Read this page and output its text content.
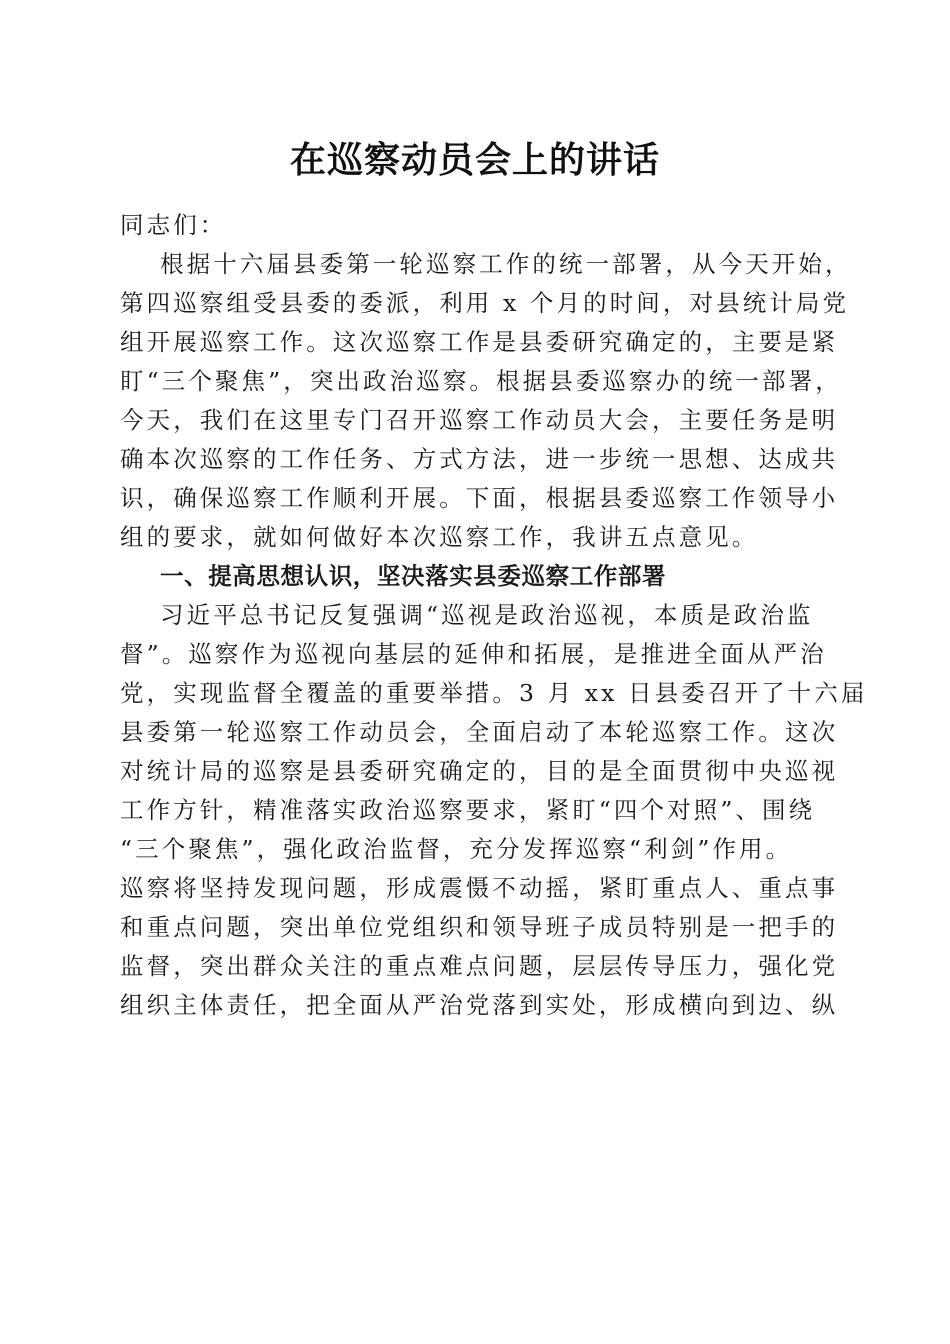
在巡察动员会上的讲话

同志们：

根据十六届县委第一轮巡察工作的统一部署，从今天开始，

第四巡察组受县委的委派，利用 x 个月的时间，对县统计局党

组开展巡察工作。这次巡察工作是县委研究确定的，主要是紧

盯“三个聚焦”，突出政治巡察。根据县委巡察办的统一部署，

今天，我们在这里专门召开巡察工作动员大会，主要任务是明

确本次巡察的工作任务、方式方法，进一步统一思想、达成共

识，确保巡察工作顺利开展。下面，根据县委巡察工作领导小

组的要求，就如何做好本次巡察工作，我讲五点意见。

一、提高思想认识，坚决落实县委巡察工作部署

习近平总书记反复强调“巡视是政治巡视，本质是政治监

督”。巡察作为巡视向基层的延伸和拓展，是推进全面从严治

党，实现监督全覆盖的重要举措。3 月 xx 日县委召开了十六届

县委第一轮巡察工作动员会，全面启动了本轮巡察工作。这次

对统计局的巡察是县委研究确定的，目的是全面贯彻中央巡视

工作方针，精准落实政治巡察要求，紧盯“四个对照”、围绕

“三个聚焦”，强化政治监督，充分发挥巡察“利剑”作用。

巡察将坚持发现问题，形成震慑不动摇，紧盯重点人、重点事

和重点问题，突出单位党组织和领导班子成员特别是一把手的

监督，突出群众关注的重点难点问题，层层传导压力，强化党

组织主体责任，把全面从严治党落到实处，形成横向到边、纵
